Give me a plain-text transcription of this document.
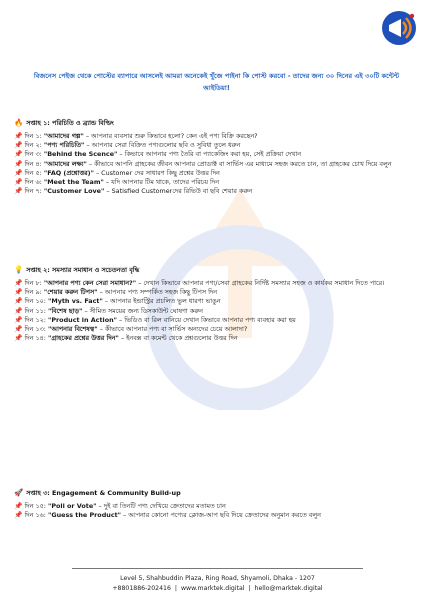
বিজনেস পেইজ থেকে পোস্টের ব্যাপারে আসলেই আমরা অনেকেই খুঁজে পাইনা কি পোস্ট করবো - তাদের জন্য ৩০ দিনের এই ৩০টি কন্টেন্ট আইডিয়া!
🔥 সপ্তাহ ১: পরিচিতি ও ব্র্যান্ড বিল্ডিং
📌 দিন ১: "আমাদের গল্প" – আপনার ব্যবসার শুরু কিভাবে হলো? কেন এই পণ্য বিক্রি করছেন?
📌 দিন ২: "পণ্য পরিচিতি" – আপনার সেরা বিক্রিত পণ্যগুলোর ছবি ও সুবিধা তুলে ধরুন
📌 দিন ৩: "Behind the Scence" – কিভাবে আপনার পণ্য তৈরি বা প্যাকেজিং করা হয়, সেই প্রক্রিয়া দেখান
📌 দিন ৪: "আমাদের লক্ষ্য" – কীভাবে আপনি গ্রাহকের জীবন আপনার প্রোডাক্ট বা সার্ভিস এর মাধ্যমে সহজ করতে চান, তা গ্রাহকের চোখ দিয়ে বলুন
📌 দিন ৫: "FAQ (প্রশ্নোত্তর)" – Customer দের সাধারণ কিছু প্রশ্নের উত্তর দিন
📌 দিন ৬: "Meet the Team" – যদি আপনার টিম থাকে, তাদের পরিচয় দিন
📌 দিন ৭: "Customer Love" – Satisfied Customerদের রিভিউ বা ছবি শেয়ার করুন
💡 সপ্তাহ ২: সমস্যার সমাধান ও সচেতনতা বৃদ্ধি
📌 দিন ৮: "আপনার পণ্য কেন সেরা সমাধান?" – দেখান কিভাবে আপনার পণ্য/সেবা গ্রাহকের নির্দিষ্ট সমস্যার সহজ ও কার্যকর সমাধান দিতে পারে।
📌 দিন ৯: "শেয়ার করুন টিপস" – আপনার পণ্য সম্পর্কিত সহজ কিছু টিপস দিন
📌 দিন ১০: "Myth vs. Fact" – আপনার ইন্ডাস্ট্রির প্রচলিত ভুল ধারণা ভাঙুন
📌 দিন ১১: "বিশেষ ছাড়" – সীমিত সময়ের জন্য ডিসকাউন্ট ঘোষণা করুন
📌 দিন ১২: "Product in Action" – ভিডিও বা রিল বানিয়ে দেখান কিভাবে আপনার পণ্য ব্যবহার করা হয়
📌 দিন ১৩: "আপনার বিশেষত্ব" – কীভাবে আপনার পণ্য বা সার্ভিস অন্যদের চেয়ে আলাদা?
📌 দিন ১৪: "গ্রাহকের প্রশ্নের উত্তর দিন" – ইনবক্স বা কমেন্ট থেকে প্রশ্নগুলোর উত্তর দিন
🚀 সপ্তাহ ৩: Engagement & Community Build-up
📌 দিন ১৫: "Poll or Vote" – দুই বা তিনটি পণ্য দেখিয়ে ক্রেতাদের মতামত চান
📌 দিন ১৬: "Guess the Product" – আপনার কোনো পণ্যের ক্লোজ-আপ ছবি দিয়ে ক্রেতাদের অনুমান করতে বলুন
Level 5, Shahbuddin Plaza, Ring Road, Shyamoli, Dhaka - 1207
+8801886-202416 | www.marktek.digital | hello@marktek.digital
